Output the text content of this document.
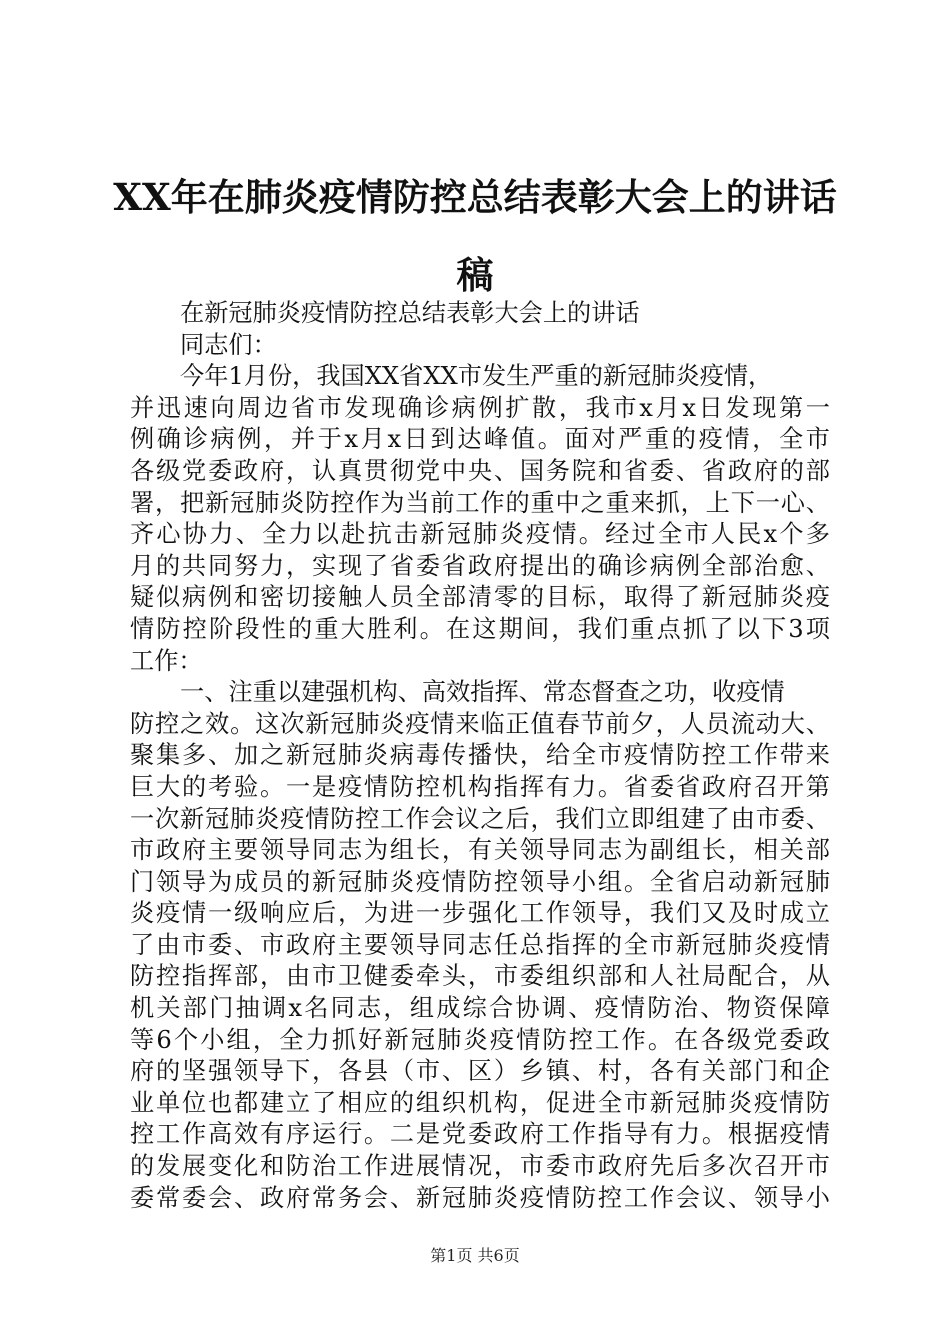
XX年在肺炎疫情防控总结表彰大会上的讲话
稿
在新冠肺炎疫情防控总结表彰大会上的讲话
同志们：
今年1月份，我国XX省XX市发生严重的新冠肺炎疫情，
并迅速向周边省市发现确诊病例扩散，我市x月x日发现第一
例确诊病例，并于x月x日到达峰值。面对严重的疫情，全市
各级党委政府，认真贯彻党中央、国务院和省委、省政府的部
署，把新冠肺炎防控作为当前工作的重中之重来抓，上下一心、
齐心协力、全力以赴抗击新冠肺炎疫情。经过全市人民x个多
月的共同努力，实现了省委省政府提出的确诊病例全部治愈、
疑似病例和密切接触人员全部清零的目标，取得了新冠肺炎疫
情防控阶段性的重大胜利。在这期间，我们重点抓了以下3项
工作：
一、注重以建强机构、高效指挥、常态督查之功，收疫情
防控之效。这次新冠肺炎疫情来临正值春节前夕，人员流动大、
聚集多、加之新冠肺炎病毒传播快，给全市疫情防控工作带来
巨大的考验。一是疫情防控机构指挥有力。省委省政府召开第
一次新冠肺炎疫情防控工作会议之后，我们立即组建了由市委、
市政府主要领导同志为组长，有关领导同志为副组长，相关部
门领导为成员的新冠肺炎疫情防控领导小组。全省启动新冠肺
炎疫情一级响应后，为进一步强化工作领导，我们又及时成立
了由市委、市政府主要领导同志任总指挥的全市新冠肺炎疫情
防控指挥部，由市卫健委牵头，市委组织部和人社局配合，从
机关部门抽调x名同志，组成综合协调、疫情防治、物资保障
等6个小组，全力抓好新冠肺炎疫情防控工作。在各级党委政
府的坚强领导下，各县（市、区）乡镇、村，各有关部门和企
业单位也都建立了相应的组织机构，促进全市新冠肺炎疫情防
控工作高效有序运行。二是党委政府工作指导有力。根据疫情
的发展变化和防治工作进展情况，市委市政府先后多次召开市
委常委会、政府常务会、新冠肺炎疫情防控工作会议、领导小
第1页 共6页
